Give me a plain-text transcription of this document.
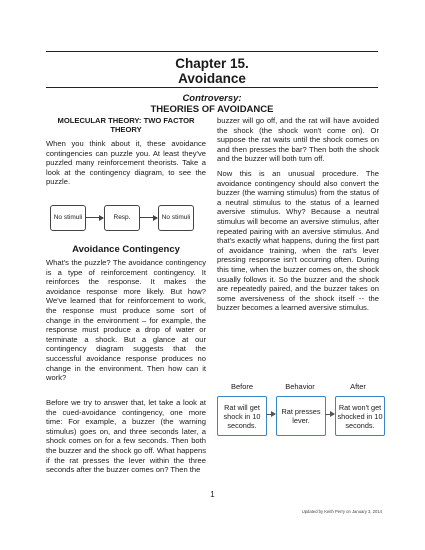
Chapter 15.
Avoidance
Controversy:
THEORIES OF AVOIDANCE
MOLECULAR THEORY: TWO FACTOR THEORY

When you think about it, these avoidance contingencies can puzzle you. At least they've puzzled many reinforcement theorists. Take a look at the contingency diagram, to see the puzzle.

No stimuli	Resp.	No stimuli
Avoidance Contingency

What's the puzzle? The avoidance contingency is a type of reinforcement contingency. It reinforces the response. It makes the avoidance response more likely. But how? We've learned that for reinforcement to work, the response must produce some sort of change in the environment – for example, the response must produce a drop of water or terminate a shock. But a glance at our contingency diagram suggests that the successful avoidance response produces no change in the environment. Then how can it work?

Before we try to answer that, let take a look at the cued-avoidance contingency, one more time: For example, a buzzer (the warning stimulus) goes on, and three seconds later, a shock comes on for a few seconds. Then both the buzzer and the shock go off. What happens if the rat presses the lever within the three seconds after the buzzer comes on? Then the

buzzer will go off, and the rat will have avoided the shock (the shock won't come on). Or suppose the rat waits until the shock comes on and then presses the bar? Then both the shock and the buzzer will both turn off.

Now this is an unusual procedure. The avoidance contingency should also convert the buzzer (the warning stimulus) from the status of a neutral stimulus to the status of a learned aversive stimulus. Why? Because a neutral stimulus will become an aversive stimulus, after repeated pairing with an aversive stimulus. And that's exactly what happens, during the first part of avoidance training, when the rat's lever pressing response isn't occurring often. During this time, when the buzzer comes on, the shock usually follows it. So the buzzer and the shock are repeatedly paired, and the buzzer takes on some aversiveness of the shock itself -- the buzzer becomes a learned aversive stimulus.

Before	Behavior	After
Rat will get shock in 10 seconds.
Rat presses lever.
Rat won't get shocked in 10 seconds.
1
Updated by Keith Perry on January 3, 2014
